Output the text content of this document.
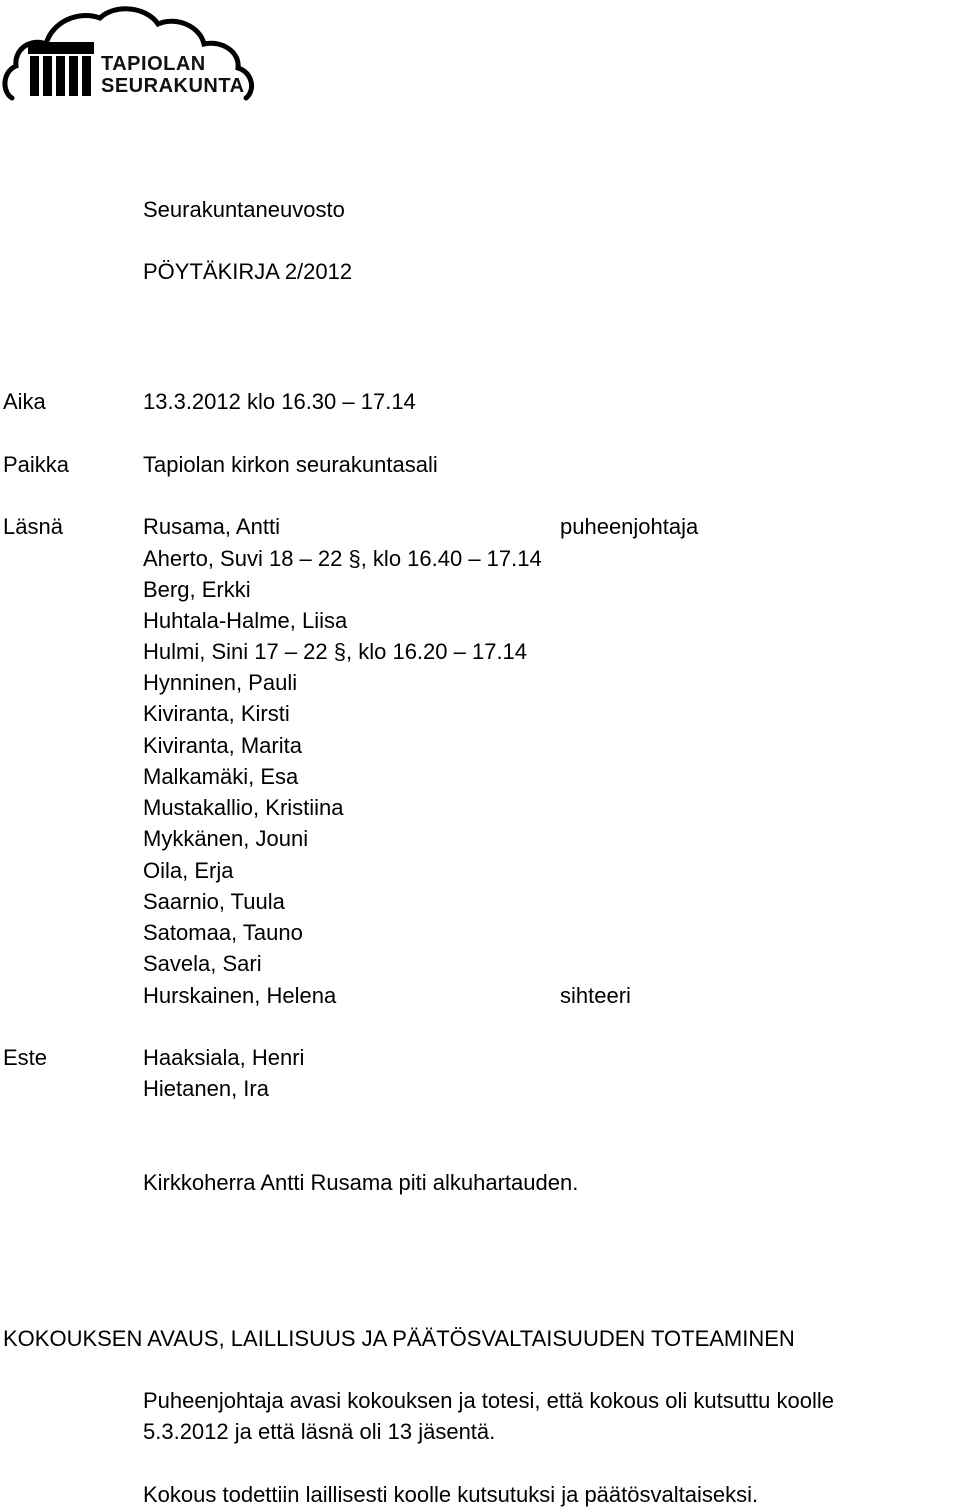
TAPIOLAN
SEURAKUNTA
Seurakuntaneuvosto
PÖYTÄKIRJA 2/2012
Aika	13.3.2012 klo 16.30 – 17.14
Paikka	Tapiolan kirkon seurakuntasali
Läsnä	Rusama, Antti	puheenjohtaja
Aherto, Suvi 18 – 22 §, klo 16.40 – 17.14
Berg, Erkki
Huhtala-Halme, Liisa
Hulmi, Sini 17 – 22 §, klo 16.20 – 17.14
Hynninen, Pauli
Kiviranta, Kirsti
Kiviranta, Marita
Malkamäki, Esa
Mustakallio, Kristiina
Mykkänen, Jouni
Oila, Erja
Saarnio, Tuula
Satomaa, Tauno
Savela, Sari
Hurskainen, Helena	sihteeri
Este	Haaksiala, Henri
Hietanen, Ira
Kirkkoherra Antti Rusama piti alkuhartauden.
KOKOUKSEN AVAUS, LAILLISUUS JA PÄÄTÖSVALTAISUUDEN TOTEAMINEN
Puheenjohtaja avasi kokouksen ja totesi, että kokous oli kutsuttu koolle
5.3.2012 ja että läsnä oli 13 jäsentä.
Kokous todettiin laillisesti koolle kutsutuksi ja päätösvaltaiseksi.
